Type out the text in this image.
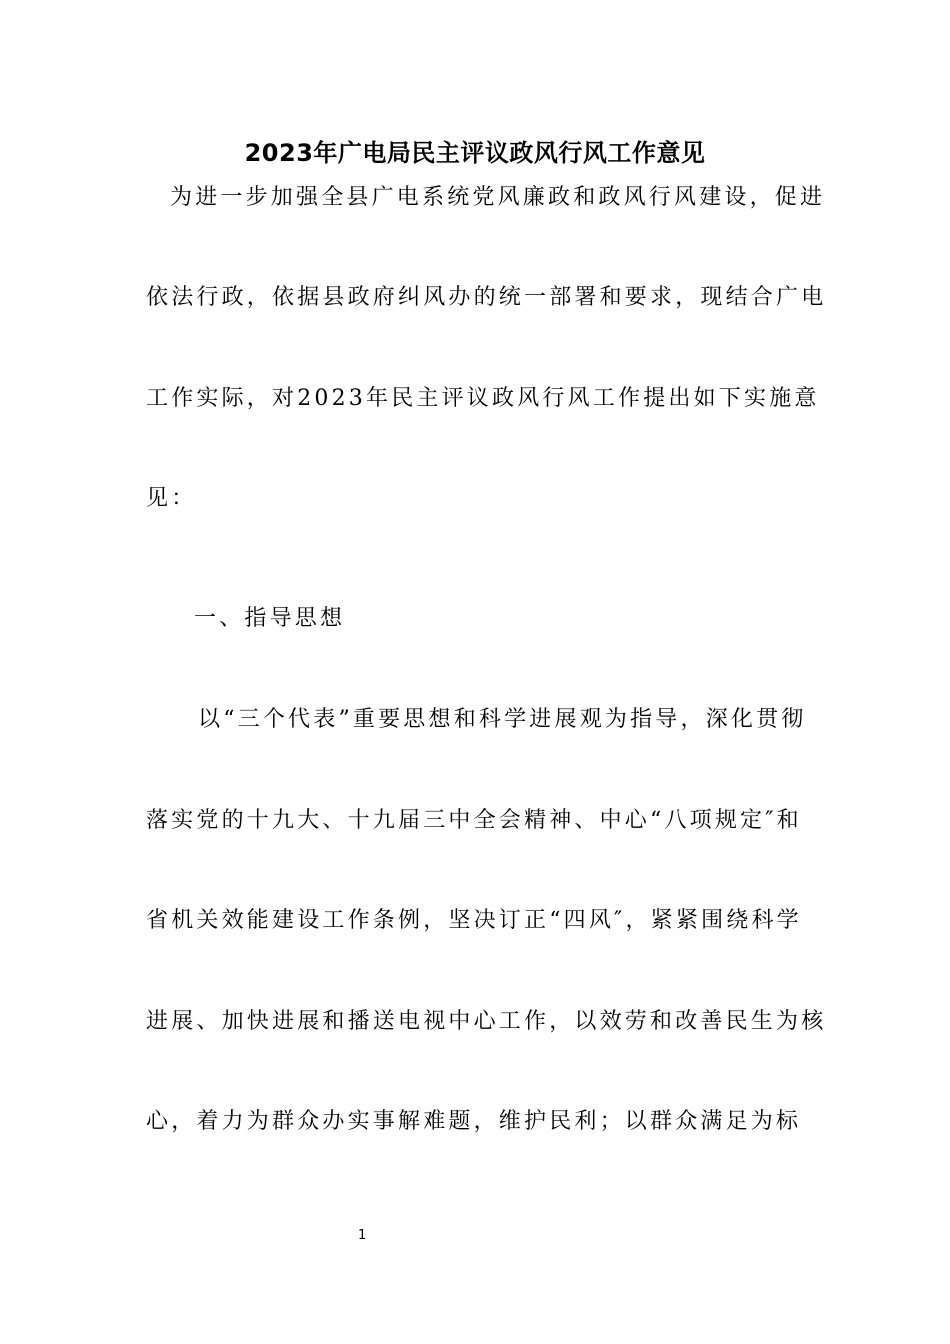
2023年广电局民主评议政风行风工作意见
为进一步加强全县广电系统党风廉政和政风行风建设，促进
依法行政，依据县政府纠风办的统一部署和要求，现结合广电
工作实际，对2023年民主评议政风行风工作提出如下实施意
见：
一、指导思想
以“三个代表”重要思想和科学进展观为指导，深化贯彻
落实党的十九大、十九届三中全会精神、中心“八项规定″和
省机关效能建设工作条例，坚决订正“四风″，紧紧围绕科学
进展、加快进展和播送电视中心工作，以效劳和改善民生为核
心，着力为群众办实事解难题，维护民利；以群众满足为标
1
